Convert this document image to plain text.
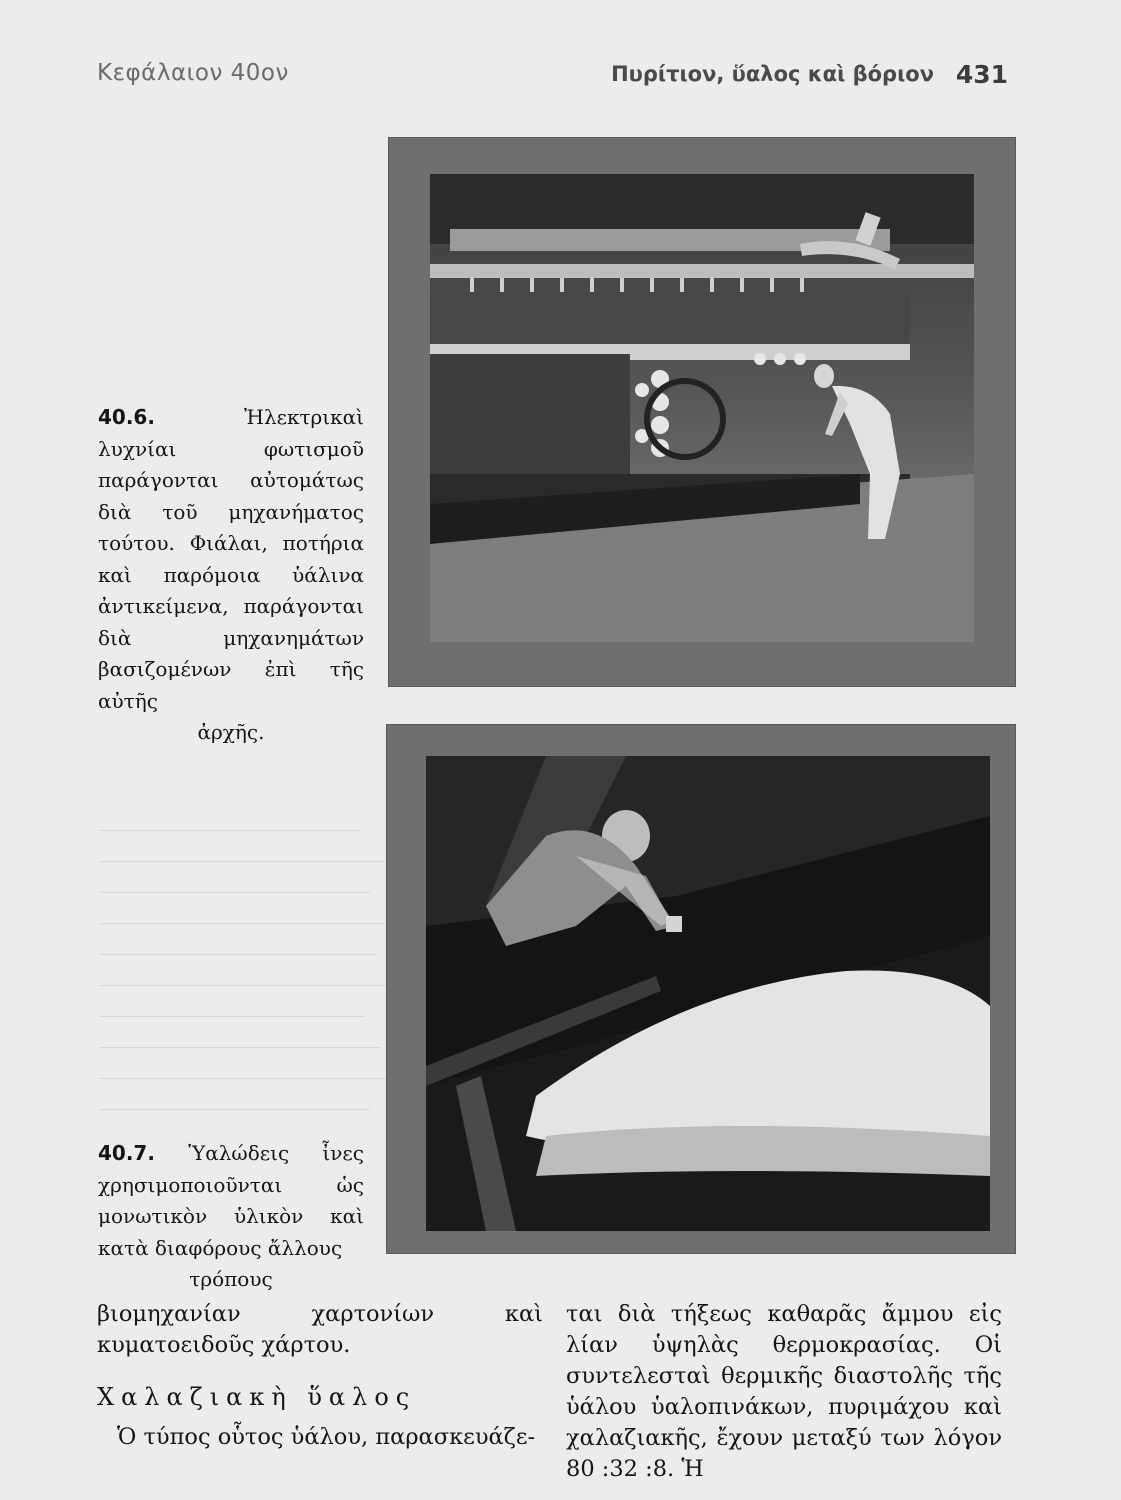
Κεφάλαιον 40ον	Πυρίτιον, ὕαλος καὶ βόριον 431
40.6.	Ἠλεκτρικαὶ λυχνίαι φωτισμοῦ παράγονται αὐτομάτως διὰ τοῦ μηχανήματος τούτου. Φιάλαι, ποτήρια καὶ παρόμοια ὑάλινα ἀντικείμενα, παράγονται διὰ μηχανημάτων βασιζομένων ἐπὶ τῆς αὐτῆς
ἀρχῆς.
40.7. Ὑαλώδεις ἶνες χρησιμοποιοῦνται ὡς μονωτικὸν ὑλικὸν καὶ κατὰ διαφόρους ἄλλους
τρόπους
βιομηχανίαν χαρτονίων καὶ κυματοειδοῦς χάρτου.
Χαλαζιακὴ ὕαλος
Ὁ τύπος οὗτος ὑάλου, παρασκευάζε-
ται διὰ τήξεως καθαρᾶς ἄμμου εἰς λίαν ὑψηλὰς θερμοκρασίας. Οἱ συντελεσταὶ θερμικῆς διαστολῆς τῆς ὑάλου ὑαλοπινάκων, πυριμάχου καὶ χαλαζιακῆς, ἔχουν μεταξύ των λόγον 80 :32 :8. Ἡ
